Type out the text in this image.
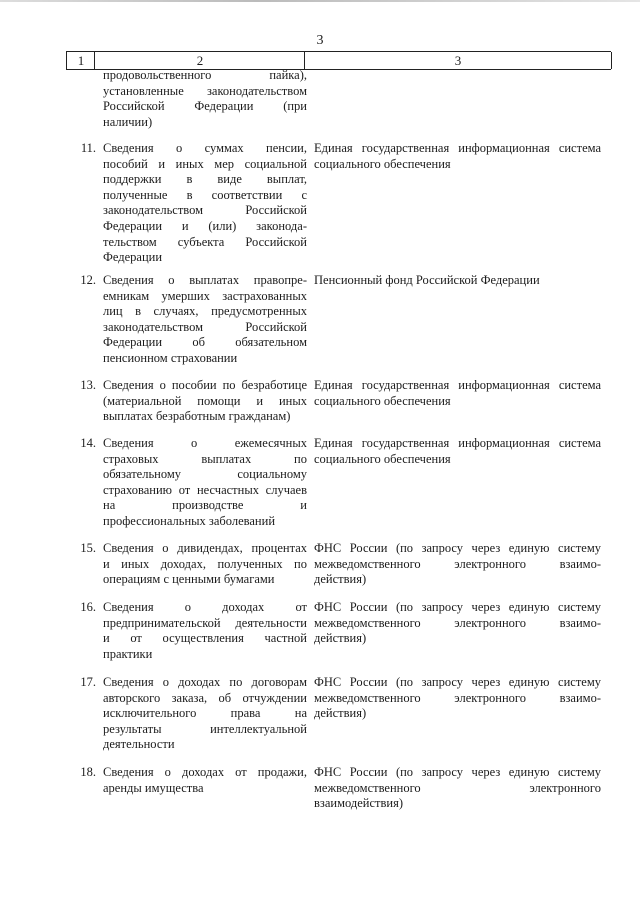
3
1	2	3
продовольственного пайка),
установленные законодательством
Российской Федерации (при
наличии)
11. Сведения о суммах пенсии,
пособий и иных мер социальной
поддержки в виде выплат,
полученные в соответствии с
законодательством Российской
Федерации и (или) законода-
тельством субъекта Российской
Федерации
Единая государственная информационная система
социального обеспечения
12. Сведения о выплатах правопре-
емникам умерших застрахованных
лиц в случаях, предусмотренных
законодательством Российской
Федерации об обязательном
пенсионном страховании
Пенсионный фонд Российской Федерации
13. Сведения о пособии по безработице
(материальной помощи и иных
выплатах безработным гражданам)
Единая государственная информационная система
социального обеспечения
14. Сведения о ежемесячных
страховых выплатах по
обязательному социальному
страхованию от несчастных случаев
на производстве и
профессиональных заболеваний
Единая государственная информационная система
социального обеспечения
15. Сведения о дивидендах, процентах
и иных доходах, полученных по
операциям с ценными бумагами
ФНС России (по запросу через единую систему
межведомственного электронного взаимо-
действия)
16. Сведения о доходах от
предпринимательской деятельности
и от осуществления частной
практики
ФНС России (по запросу через единую систему
межведомственного электронного взаимо-
действия)
17. Сведения о доходах по договорам
авторского заказа, об отчуждении
исключительного права на
результаты интеллектуальной
деятельности
ФНС России (по запросу через единую систему
межведомственного электронного взаимо-
действия)
18. Сведения о доходах от продажи,
аренды имущества
ФНС России (по запросу через единую систему
межведомственного электронного
взаимодействия)
